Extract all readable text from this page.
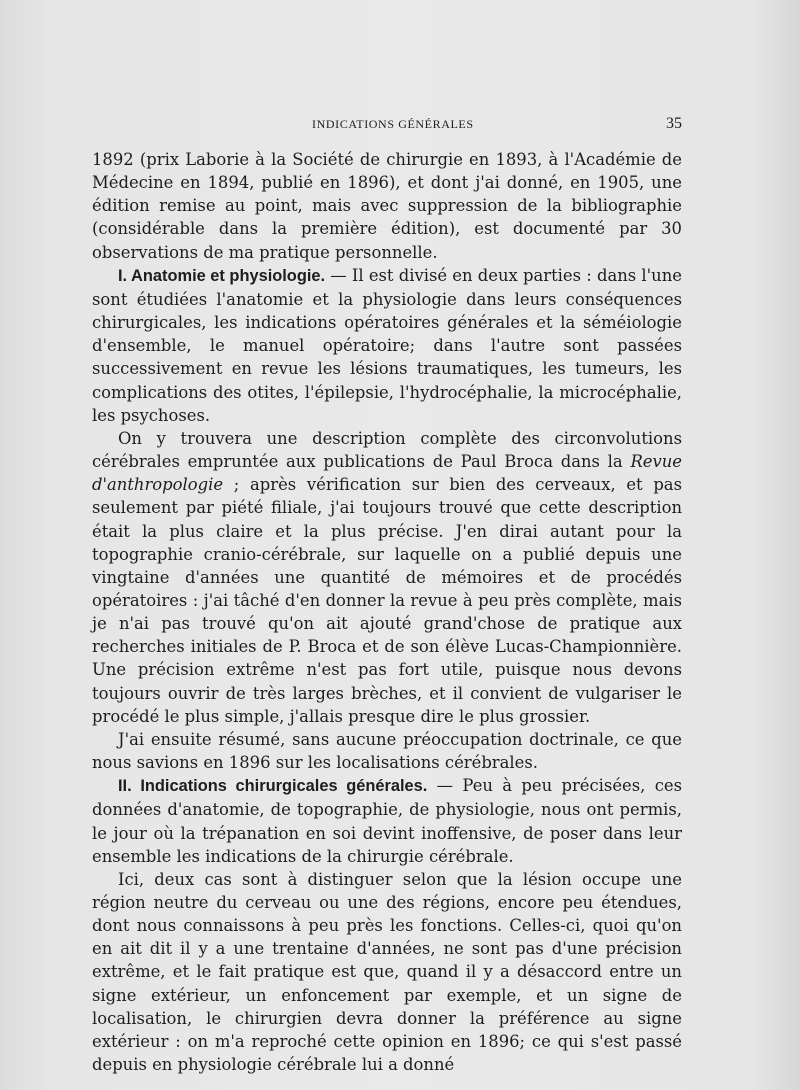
INDICATIONS GÉNÉRALES	35

1892 (prix Laborie à la Société de chirurgie en 1893, à l'Académie de Médecine en 1894, publié en 1896), et dont j'ai donné, en 1905, une édition remise au point, mais avec suppression de la bibliographie (considérable dans la première édition), est documenté par 30 observations de ma pratique personnelle.

I. Anatomie et physiologie. — Il est divisé en deux parties : dans l'une sont étudiées l'anatomie et la physiologie dans leurs conséquences chirurgicales, les indications opératoires générales et la séméiologie d'ensemble, le manuel opératoire; dans l'autre sont passées successivement en revue les lésions traumatiques, les tumeurs, les complications des otites, l'épilepsie, l'hydrocéphalie, la microcéphalie, les psychoses.

On y trouvera une description complète des circonvolutions cérébrales empruntée aux publications de Paul Broca dans la Revue d'anthropologie ; après vérification sur bien des cerveaux, et pas seulement par piété filiale, j'ai toujours trouvé que cette description était la plus claire et la plus précise. J'en dirai autant pour la topographie cranio-cérébrale, sur laquelle on a publié depuis une vingtaine d'années une quantité de mémoires et de procédés opératoires : j'ai tâché d'en donner la revue à peu près complète, mais je n'ai pas trouvé qu'on ait ajouté grand'chose de pratique aux recherches initiales de P. Broca et de son élève Lucas-Championnière. Une précision extrême n'est pas fort utile, puisque nous devons toujours ouvrir de très larges brèches, et il convient de vulgariser le procédé le plus simple, j'allais presque dire le plus grossier.

J'ai ensuite résumé, sans aucune préoccupation doctrinale, ce que nous savions en 1896 sur les localisations cérébrales.

II. Indications chirurgicales générales. — Peu à peu précisées, ces données d'anatomie, de topographie, de physiologie, nous ont permis, le jour où la trépanation en soi devint inoffensive, de poser dans leur ensemble les indications de la chirurgie cérébrale.

Ici, deux cas sont à distinguer selon que la lésion occupe une région neutre du cerveau ou une des régions, encore peu étendues, dont nous connaissons à peu près les fonctions. Celles-ci, quoi qu'on en ait dit il y a une trentaine d'années, ne sont pas d'une précision extrême, et le fait pratique est que, quand il y a désaccord entre un signe extérieur, un enfoncement par exemple, et un signe de localisation, le chirurgien devra donner la préférence au signe extérieur : on m'a reproché cette opinion en 1896; ce qui s'est passé depuis en physiologie cérébrale lui a donné
